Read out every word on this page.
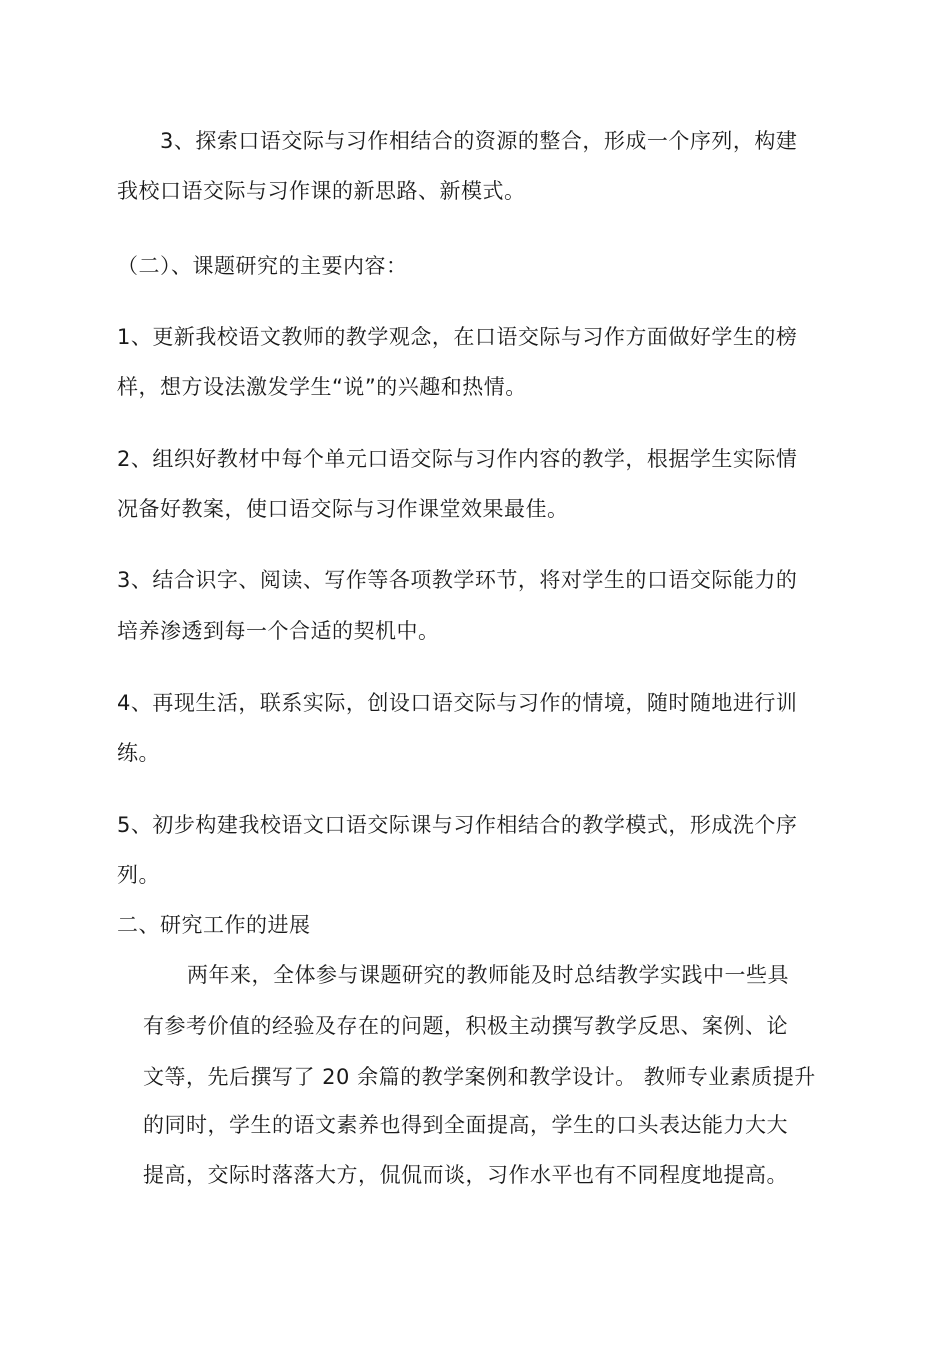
3、探索口语交际与习作相结合的资源的整合，形成一个序列，构建

我校口语交际与习作课的新思路、新模式。

（二）、课题研究的主要内容：

1、更新我校语文教师的教学观念，在口语交际与习作方面做好学生的榜

样，想方设法激发学生“说”的兴趣和热情。

2、组织好教材中每个单元口语交际与习作内容的教学，根据学生实际情

况备好教案，使口语交际与习作课堂效果最佳。

3、结合识字、阅读、写作等各项教学环节，将对学生的口语交际能力的

培养渗透到每一个合适的契机中。

4、再现生活，联系实际，创设口语交际与习作的情境，随时随地进行训

练。

5、初步构建我校语文口语交际课与习作相结合的教学模式，形成洗个序

列。

二、研究工作的进展

两年来，全体参与课题研究的教师能及时总结教学实践中一些具

有参考价值的经验及存在的问题，积极主动撰写教学反思、案例、论

文等，先后撰写了 20 余篇的教学案例和教学设计。 教师专业素质提升

的同时，学生的语文素养也得到全面提高，学生的口头表达能力大大

提高，交际时落落大方，侃侃而谈，习作水平也有不同程度地提高。
